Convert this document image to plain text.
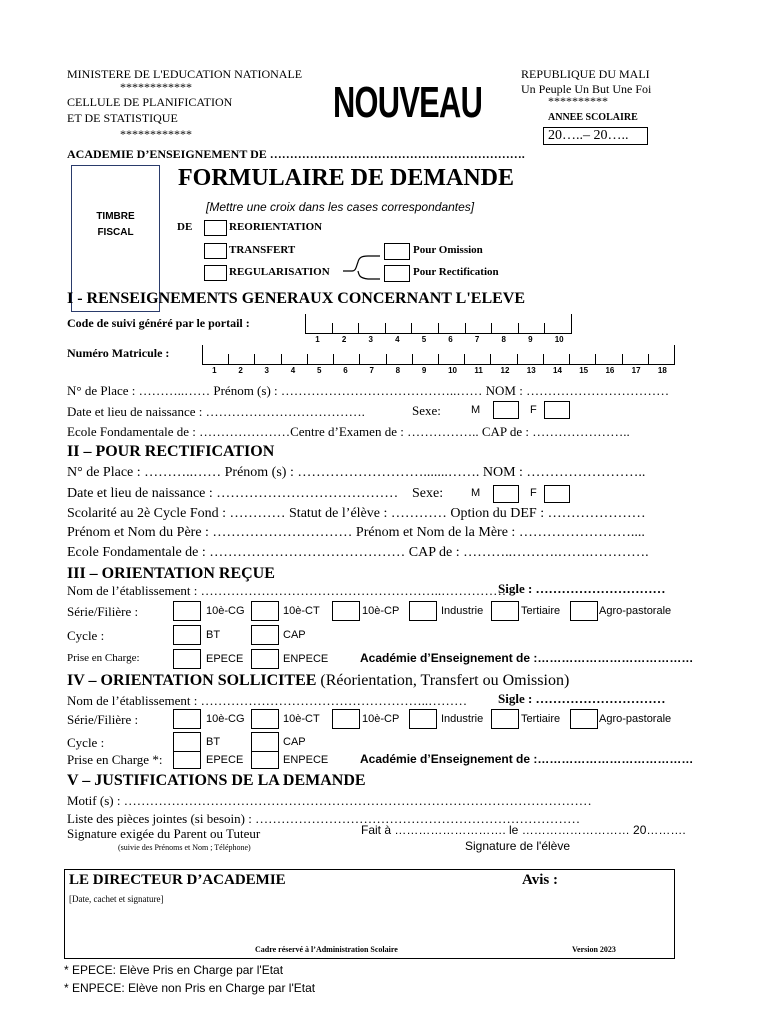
MINISTERE DE L'EDUCATION NATIONALE
************
CELLULE DE PLANIFICATION
ET DE STATISTIQUE
************
NOUVEAU
REPUBLIQUE DU MALI
Un Peuple Un But Une Foi
**********
ANNEE SCOLAIRE
20…..– 20…..
ACADEMIE D’ENSEIGNEMENT DE ……………………………………………………….
TIMBRE
FISCAL
FORMULAIRE DE DEMANDE
[Mettre une croix dans les cases correspondantes]
DE	REORIENTATION
TRANSFERT
REGULARISATION
Pour Omission
Pour Rectification
I - RENSEIGNEMENTS GENERAUX CONCERNANT L'ELEVE
Code de suivi généré par le portail :
1	2	3	4	5	6	7	8	9	10
Numéro Matricule :
1	2	3	4	5	6	7	8	9	10 11 12 13 14 15 16 17 18
N° de Place : ………..…… Prénom (s) : …………………………………..…… NOM : ……………………………
Date et lieu de naissance : ……………………………….	Sexe:	M	F
Ecole Fondamentale de : …………………Centre d’Examen de : …………….. CAP de : …………………..
II – POUR RECTIFICATION
N° de Place : ………..…… Prénom (s) : ……………………….......……. NOM : ……………………..
Date et lieu de naissance : ………………………………… Sexe:	M	F
Scolarité au 2è Cycle Fond : ………… Statut de l’élève : ………… Option du DEF : …………………
Prénom et Nom du Père : ………………………… Prénom et Nom de la Mère : ……………………....
Ecole Fondamentale de : …………………………………… CAP de : ………..……….…….………….
III – ORIENTATION REÇUE
Nom de l’établissement : ………………………………………………..……………
Sigle : …………………………
Série/Filière :	10è-CG	10è-CT	10è-CP	Industrie	Tertiaire	Agro-pastorale
Cycle :	BT	CAP
Prise en Charge:	EPECE	ENPECE	Académie d’Enseignement de :…………………………………
IV – ORIENTATION SOLLICITEE (Réorientation, Transfert ou Omission)
Nom de l’établissement : ……………………………………………..……… Sigle : …………………………
Série/Filière :	10è-CG	10è-CT	10è-CP	Industrie	Tertiaire	Agro-pastorale
Cycle :	BT	CAP
Prise en Charge *:	EPECE	ENPECE	Académie d’Enseignement de :…………………………………
V – JUSTIFICATIONS DE LA DEMANDE
Motif (s) : ………………………………………………………………………………………………
Liste des pièces jointes (si besoin) : …………………………………………………………………
Signature exigée du Parent ou Tuteur
(suivie des Prénoms et Nom ; Téléphone)
Fait à ………………………. le ……………………… 20……….
Signature de l'élève
LE DIRECTEUR D’ACADEMIE	Avis :
[Date, cachet et signature]
Cadre réservé à l’Administration Scolaire	Version 2023
* EPECE: Elève Pris en Charge par l'Etat
* ENPECE: Elève non Pris en Charge par l'Etat
